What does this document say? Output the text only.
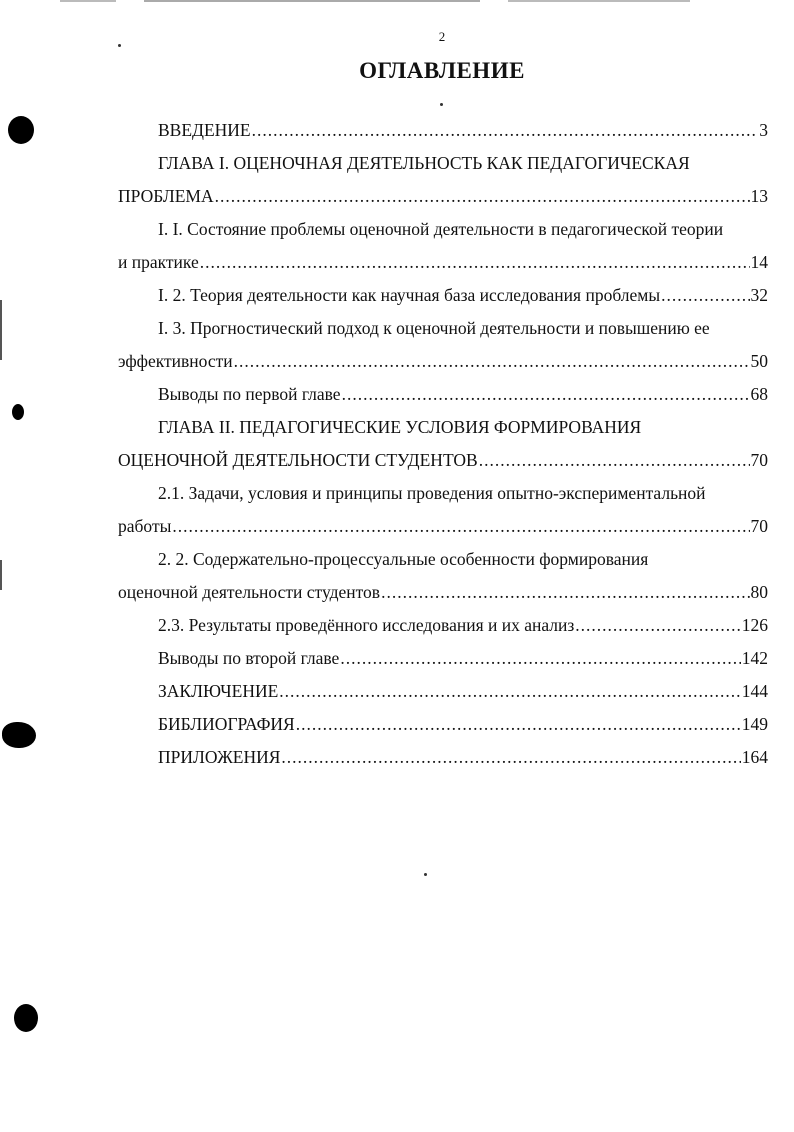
2
ОГЛАВЛЕНИЕ
ВВЕДЕНИЕ .....	3
ГЛАВА I. ОЦЕНОЧНАЯ ДЕЯТЕЛЬНОСТЬ КАК ПЕДАГОГИЧЕСКАЯ
ПРОБЛЕМА .....	13
I. I. Состояние проблемы оценочной деятельности в педагогической теории
и практике .....	14
I. 2. Теория деятельности как научная база исследования проблемы .....	32
I. 3. Прогностический подход к оценочной деятельности и повышению ее
эффективности .....	50
Выводы по первой главе .....	68
ГЛАВА II. ПЕДАГОГИЧЕСКИЕ УСЛОВИЯ ФОРМИРОВАНИЯ
ОЦЕНОЧНОЙ ДЕЯТЕЛЬНОСТИ СТУДЕНТОВ .....	70
2.1. Задачи, условия и принципы проведения опытно-экспериментальной
работы .....	70
2. 2. Содержательно-процессуальные особенности формирования
оценочной деятельности студентов .....	80
2.3. Результаты проведённого исследования и их анализ .....	126
Выводы по второй главе .....	142
ЗАКЛЮЧЕНИЕ .....	144
БИБЛИОГРАФИЯ .....	149
ПРИЛОЖЕНИЯ .....	164
